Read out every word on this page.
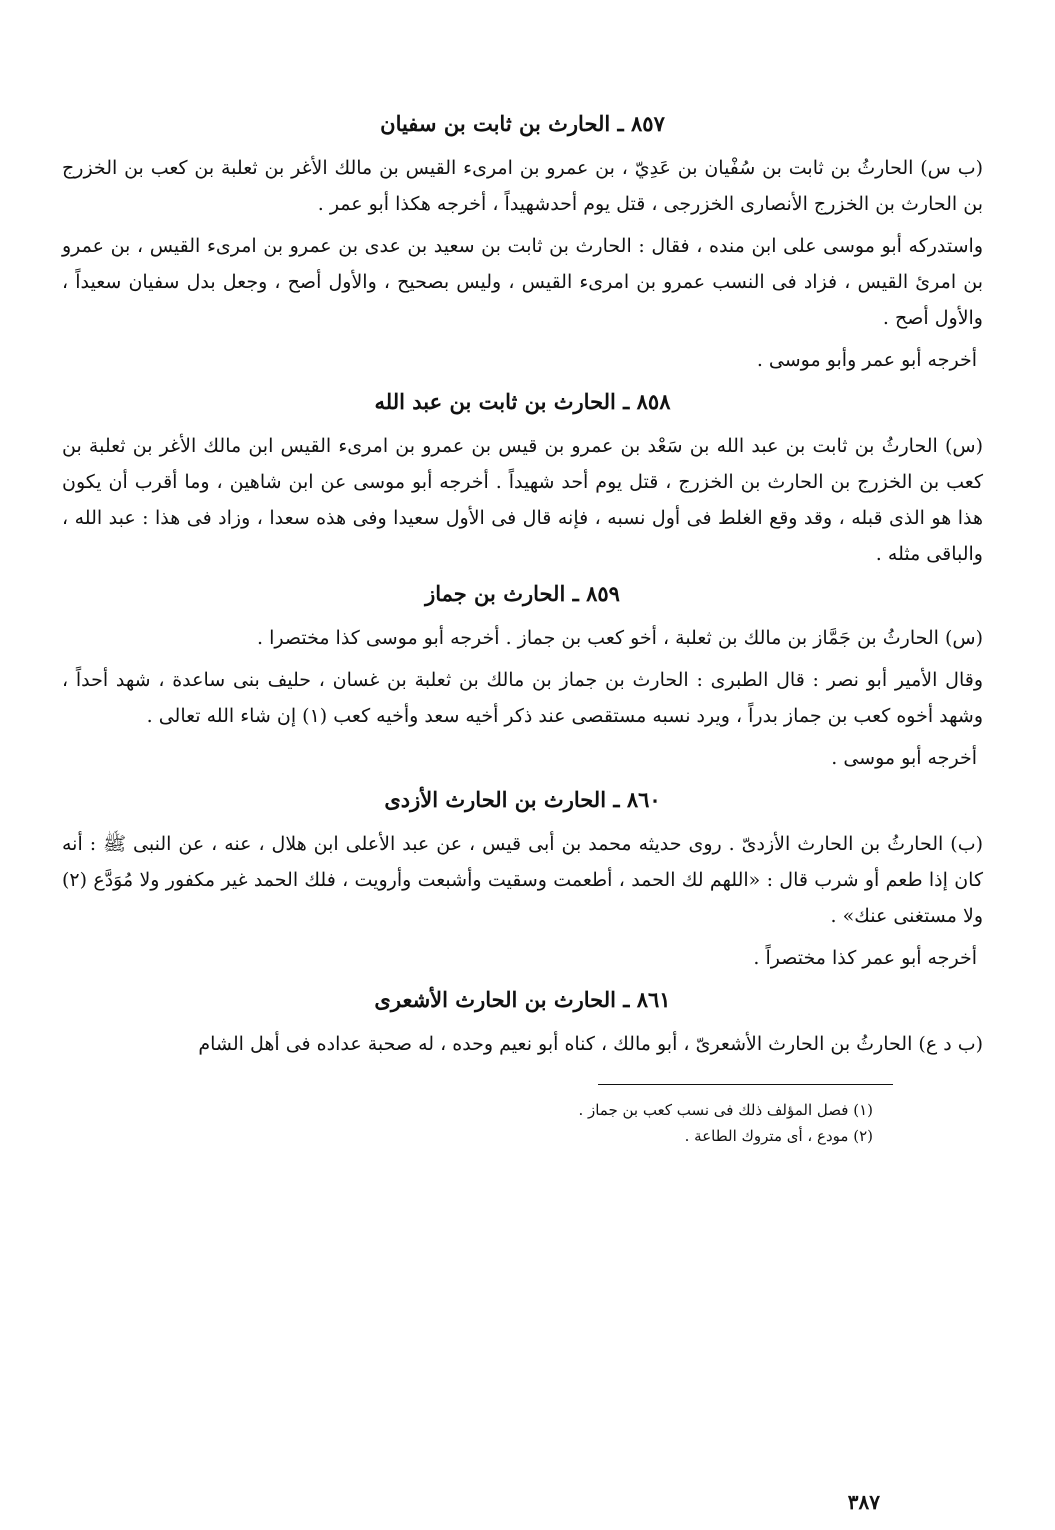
٨٥٧ ـ الحارث بن ثابت بن سفيان

(ب س) الحارثُ بن ثابت بن سُفْيان بن عَدِيّ ، بن عمرو بن امرىء القيس بن مالك الأغر بن ثعلبة بن كعب بن الخزرج بن الحارث بن الخزرج الأنصارى الخزرجى ، قتل يوم أحدشهيداً ، أخرجه هكذا أبو عمر .

واستدركه أبو موسى على ابن منده ، فقال : الحارث بن ثابت بن سعيد بن عدى بن عمرو بن امرىء القيس ، بن عمرو بن امرئ القيس ، فزاد فى النسب عمرو بن امرىء القيس ، وليس بصحيح ، والأول أصح ، وجعل بدل سفيان سعيداً ، والأول أصح .

أخرجه أبو عمر وأبو موسى .

٨٥٨ ـ الحارث بن ثابت بن عبد الله

(س) الحارثُ بن ثابت بن عبد الله بن سَعْد بن عمرو بن قيس بن عمرو بن امرىء القيس ابن مالك الأغر بن ثعلبة بن كعب بن الخزرج بن الحارث بن الخزرج ، قتل يوم أحد شهيداً . أخرجه أبو موسى عن ابن شاهين ، وما أقرب أن يكون هذا هو الذى قبله ، وقد وقع الغلط فى أول نسبه ، فإنه قال فى الأول سعيدا وفى هذه سعدا ، وزاد فى هذا : عبد الله ، والباقى مثله .

٨٥٩ ـ الحارث بن جماز

(س) الحارثُ بن جَمَّاز بن مالك بن ثعلبة ، أخو كعب بن جماز . أخرجه أبو موسى كذا مختصرا .

وقال الأمير أبو نصر : قال الطبرى : الحارث بن جماز بن مالك بن ثعلبة بن غسان ، حليف بنى ساعدة ، شهد أحداً ، وشهد أخوه كعب بن جماز بدراً ، ويرد نسبه مستقصى عند ذكر أخيه سعد وأخيه كعب (١) إن شاء الله تعالى .

أخرجه أبو موسى .

٨٦٠ ـ الحارث بن الحارث الأزدى

(ب) الحارثُ بن الحارث الأزدىّ . روى حديثه محمد بن أبى قيس ، عن عبد الأعلى ابن هلال ، عنه ، عن النبى ﷺ : أنه كان إذا طعم أو شرب قال : «اللهم لك الحمد ، أطعمت وسقيت وأشبعت وأرويت ، فلك الحمد غير مكفور ولا مُوَدَّع (٢) ولا مستغنى عنك» .

أخرجه أبو عمر كذا مختصراً .

٨٦١ ـ الحارث بن الحارث الأشعرى

(ب د ع) الحارثُ بن الحارث الأشعرىّ ، أبو مالك ، كناه أبو نعيم وحده ، له صحبة عداده فى أهل الشام

(١) فصل المؤلف ذلك فى نسب كعب بن جماز .

(٢) مودع ، أى متروك الطاعة .

٣٨٧
